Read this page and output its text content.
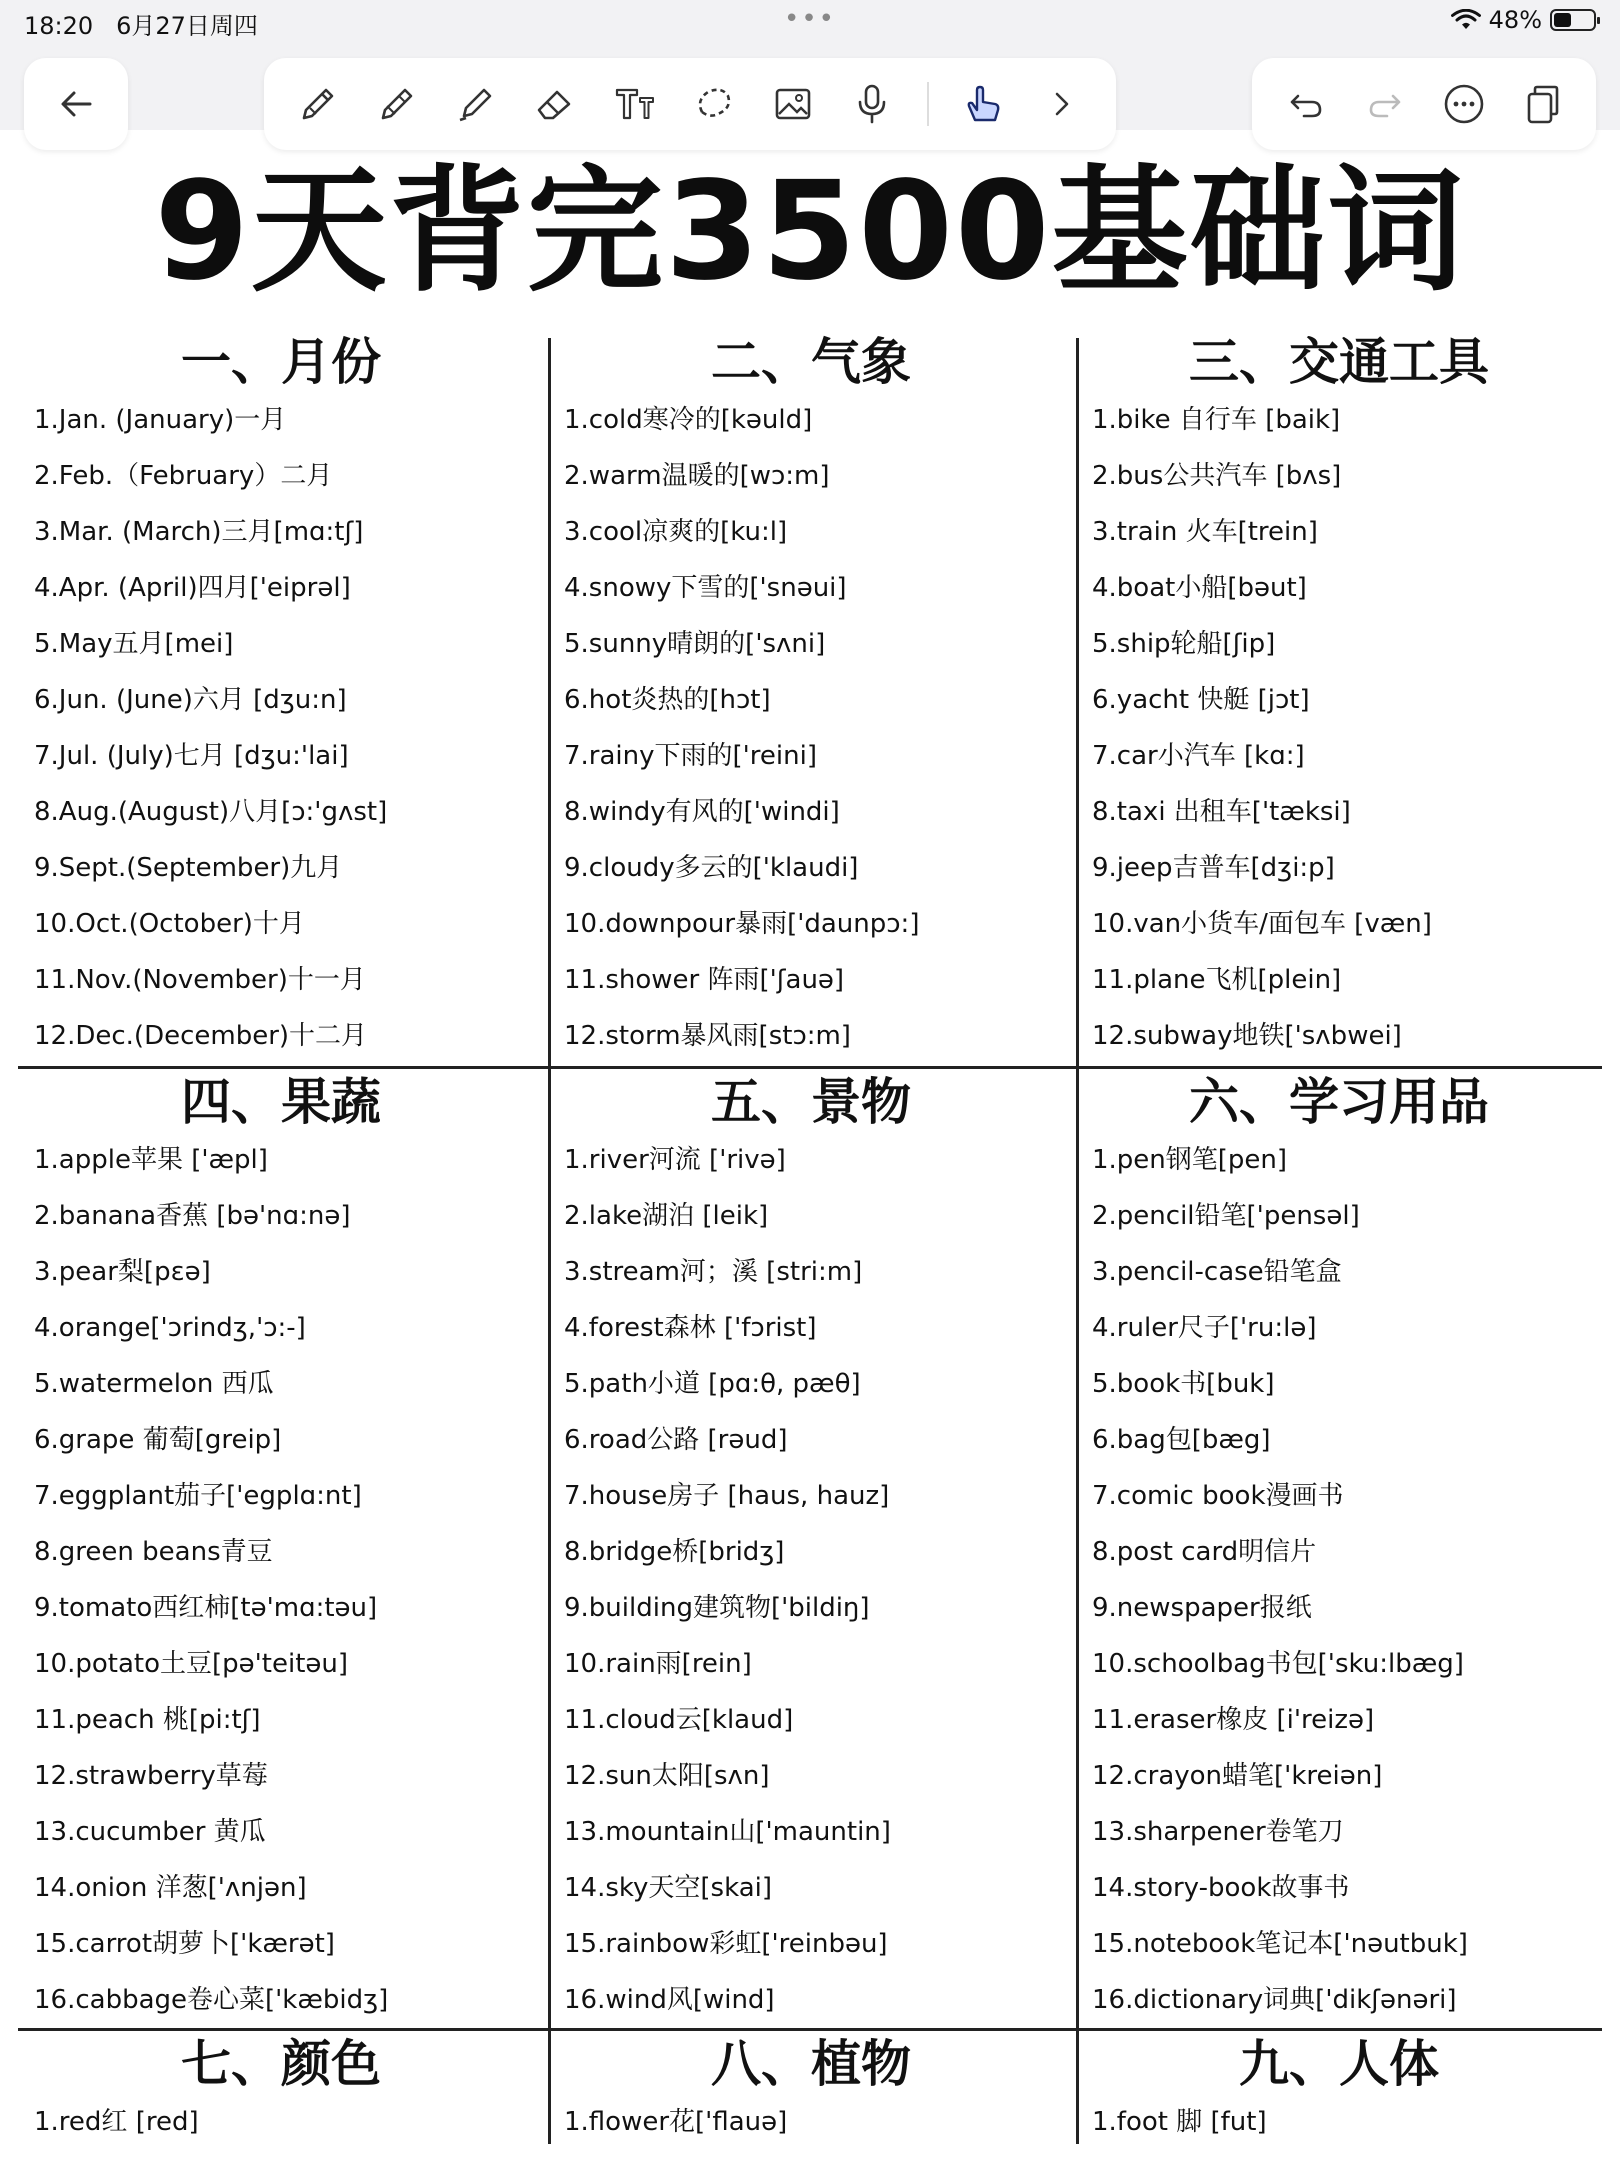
18:20 6月27日周四	•••	48%
9天背完3500基础词
一、月份
1.Jan. (January)一月
2.Feb.（February）二月
3.Mar. (March)三月[mɑ:tʃ]
4.Apr. (April)四月['eiprəl]
5.May五月[mei]
6.Jun. (June)六月 [dʒu:n]
7.Jul. (July)七月 [dʒu:'lai]
8.Aug.(August)八月[ɔ:'gʌst]
9.Sept.(September)九月
10.Oct.(October)十月
11.Nov.(November)十一月
12.Dec.(December)十二月
二、气象
1.cold寒冷的[kəuld]
2.warm温暖的[wɔ:m]
3.cool凉爽的[ku:l]
4.snowy下雪的['snəui]
5.sunny晴朗的['sʌni]
6.hot炎热的[hɔt]
7.rainy下雨的['reini]
8.windy有风的['windi]
9.cloudy多云的['klaudi]
10.downpour暴雨['daunpɔ:]
11.shower 阵雨['ʃauə]
12.storm暴风雨[stɔ:m]
三、交通工具
1.bike 自行车 [baik]
2.bus公共汽车 [bʌs]
3.train 火车[trein]
4.boat小船[bəut]
5.ship轮船[ʃip]
6.yacht 快艇 [jɔt]
7.car小汽车 [kɑ:]
8.taxi 出租车['tæksi]
9.jeep吉普车[dʒi:p]
10.van小货车/面包车 [væn]
11.plane飞机[plein]
12.subway地铁['sʌbwei]
四、果蔬
1.apple苹果 ['æpl]
2.banana香蕉 [bə'nɑ:nə]
3.pear梨[pɛə]
4.orange['ɔrindʒ,'ɔ:-]
5.watermelon 西瓜
6.grape 葡萄[greip]
7.eggplant茄子['egplɑ:nt]
8.green beans青豆
9.tomato西红柿[tə'mɑ:təu]
10.potato土豆[pə'teitəu]
11.peach 桃[pi:tʃ]
12.strawberry草莓
13.cucumber 黄瓜
14.onion 洋葱['ʌnjən]
15.carrot胡萝卜['kærət]
16.cabbage卷心菜['kæbidʒ]
五、景物
1.river河流 ['rivə]
2.lake湖泊 [leik]
3.stream河；溪 [stri:m]
4.forest森林 ['fɔrist]
5.path小道 [pɑ:θ, pæθ]
6.road公路 [rəud]
7.house房子 [haus, hauz]
8.bridge桥[bridʒ]
9.building建筑物['bildiŋ]
10.rain雨[rein]
11.cloud云[klaud]
12.sun太阳[sʌn]
13.mountain山['mauntin]
14.sky天空[skai]
15.rainbow彩虹['reinbəu]
16.wind风[wind]
六、学习用品
1.pen钢笔[pen]
2.pencil铅笔['pensəl]
3.pencil-case铅笔盒
4.ruler尺子['ru:lə]
5.book书[buk]
6.bag包[bæg]
7.comic book漫画书
8.post card明信片
9.newspaper报纸
10.schoolbag书包['sku:lbæg]
11.eraser橡皮 [i'reizə]
12.crayon蜡笔['kreiən]
13.sharpener卷笔刀
14.story-book故事书
15.notebook笔记本['nəutbuk]
16.dictionary词典['dikʃənəri]
七、颜色
1.red红 [red]
八、植物
1.flower花['flauə]
九、人体
1.foot 脚 [fut]
